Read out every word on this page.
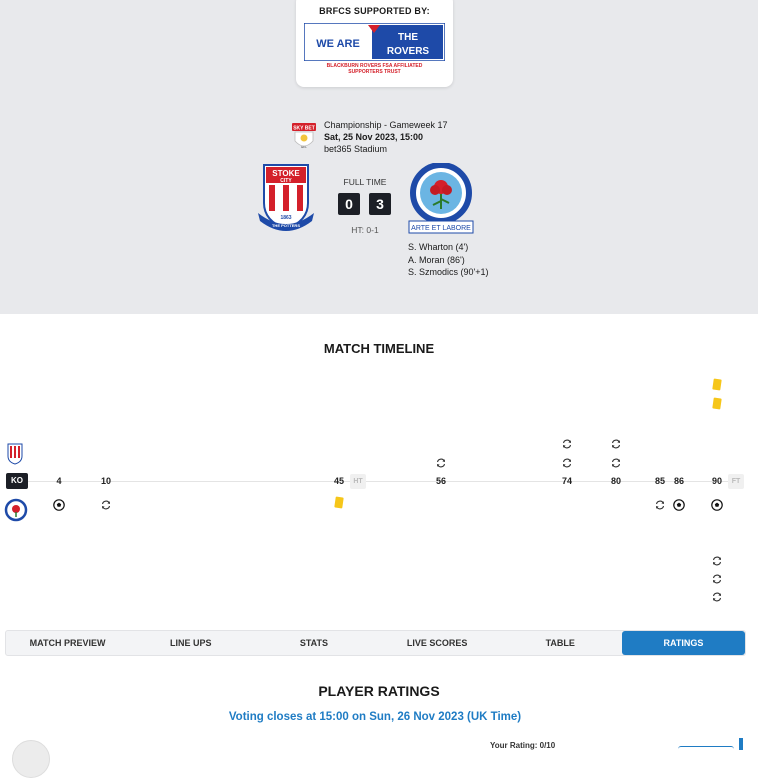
BRFCS SUPPORTED BY:
WE ARE
THE
ROVERS
BLACKBURN ROVERS FSA AFFILIATED
SUPPORTERS TRUST
SKY BET
EFL
Championship - Gameweek 17
Sat, 25 Nov 2023, 15:00
bet365 Stadium
STOKE
CITY
1863
THE POTTERS
FULL TIME
0	3
HT: 0-1	ARTE ET LABORE
S. Wharton (4')
A. Moran (86')
S. Szmodics (90'+1)
MATCH TIMELINE
KO	4	10	45	56	74	80	85 86	90
HT	FT
MATCH PREVIEW	LINE UPS	STATS	LIVE SCORES	TABLE	RATINGS
PLAYER RATINGS
Voting closes at 15:00 on Sun, 26 Nov 2023 (UK Time)
Your Rating: 0/10
